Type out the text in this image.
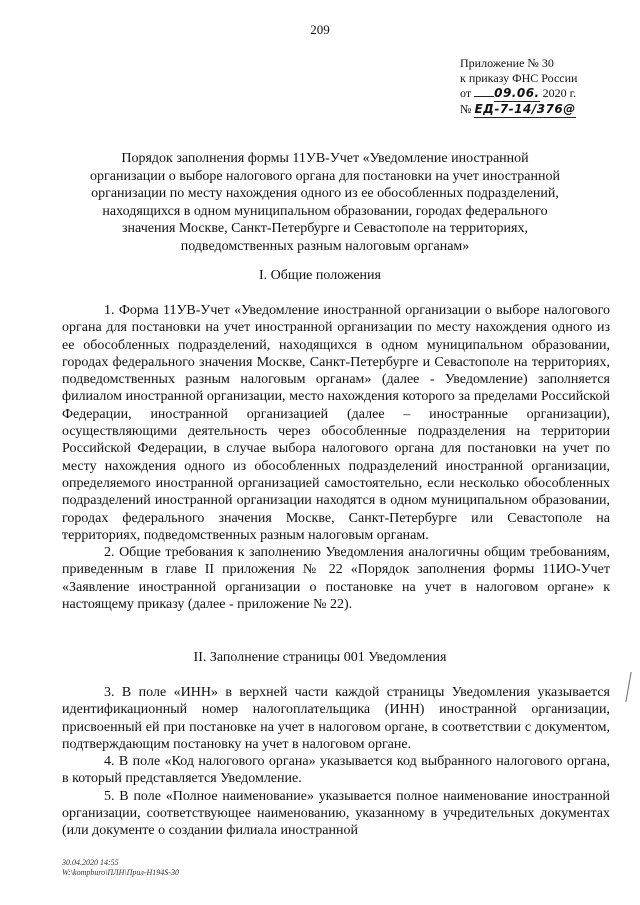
209
Приложение № 30
к приказу ФНС России
от 09.06. 2020 г.
№ ЕД-7-14/376@
Порядок заполнения формы 11УВ-Учет «Уведомление иностранной организации о выборе налогового органа для постановки на учет иностранной организации по месту нахождения одного из ее обособленных подразделений, находящихся в одном муниципальном образовании, городах федерального значения Москве, Санкт-Петербурге и Севастополе на территориях, подведомственных разным налоговым органам»
I. Общие положения

1. Форма 11УВ-Учет «Уведомление иностранной организации о выборе налогового органа для постановки на учет иностранной организации по месту нахождения одного из ее обособленных подразделений, находящихся в одном муниципальном образовании, городах федерального значения Москве, Санкт-Петербурге и Севастополе на территориях, подведомственных разным налоговым органам» (далее - Уведомление) заполняется филиалом иностранной организации, место нахождения которого за пределами Российской Федерации, иностранной организацией (далее – иностранные организации), осуществляющими деятельность через обособленные подразделения на территории Российской Федерации, в случае выбора налогового органа для постановки на учет по месту нахождения одного из обособленных подразделений иностранной организации, определяемого иностранной организацией самостоятельно, если несколько обособленных подразделений иностранной организации находятся в одном муниципальном образовании, городах федерального значения Москве, Санкт-Петербурге или Севастополе на территориях, подведомственных разным налоговым органам.

2. Общие требования к заполнению Уведомления аналогичны общим требованиям, приведенным в главе II приложения № 22 «Порядок заполнения формы 11ИО-Учет «Заявление иностранной организации о постановке на учет в налоговом органе» к настоящему приказу (далее - приложение № 22).

II. Заполнение страницы 001 Уведомления

3. В поле «ИНН» в верхней части каждой страницы Уведомления указывается идентификационный номер налогоплательщика (ИНН) иностранной организации, присвоенный ей при постановке на учет в налоговом органе, в соответствии с документом, подтверждающим постановку на учет в налоговом органе.

4. В поле «Код налогового органа» указывается код выбранного налогового органа, в который представляется Уведомление.

5. В поле «Полное наименование» указывается полное наименование иностранной организации, соответствующее наименованию, указанному в учредительных документах (или документе о создании филиала иностранной

30.04.2020 14:55
W:\kompburo\ПЛН\Прил-Н194S-30
